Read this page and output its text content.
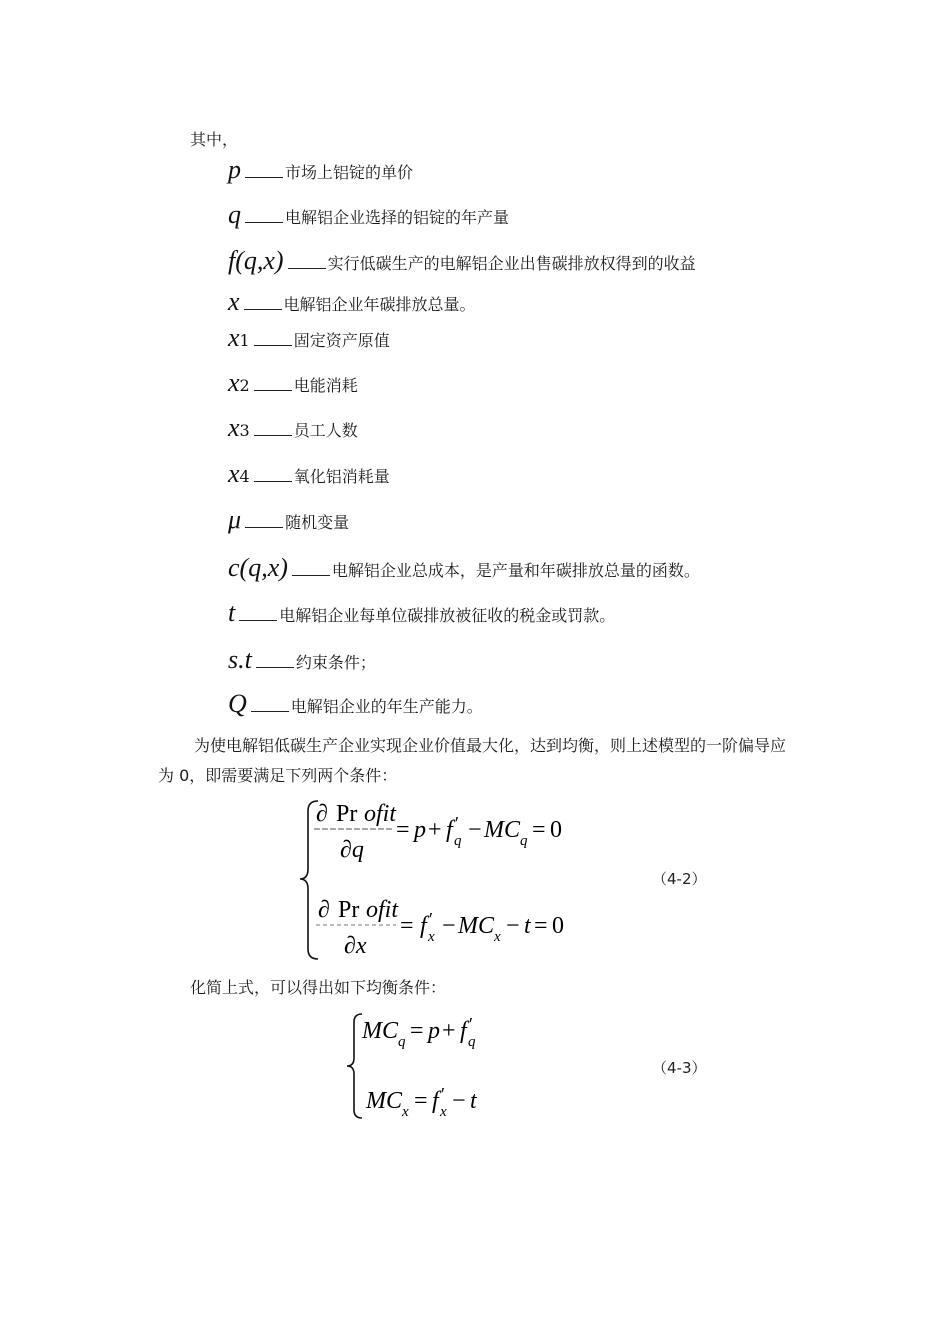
其中，
p	市场上铝锭的单价
q	电解铝企业选择的铝锭的年产量
f(q,x)	实行低碳生产的电解铝企业出售碳排放权得到的收益
x	电解铝企业年碳排放总量。
x 1	固定资产原值
x 2	电能消耗
x 3	员工人数
x 4	氧化铝消耗量
μ	随机变量
c(q,x)	电解铝企业总成本，是产量和年碳排放总量的函数。
t	电解铝企业每单位碳排放被征收的税金或罚款。
s.t	约束条件；
Q	电解铝企业的年生产能力。
为使电解铝低碳生产企业实现企业价值最大化，达到均衡，则上述模型的一阶偏导应为 0，即需要满足下列两个条件：
∂ Pr ofit
∂q
= p + f ′
q − MC q = 0
∂ Pr ofit
∂x
= f ′
x − MC x − t = 0
（4-2）
化简上式，可以得出如下均衡条件：
MC q = p + f ′
q
MC x = f ′
x − t
（4-3）
